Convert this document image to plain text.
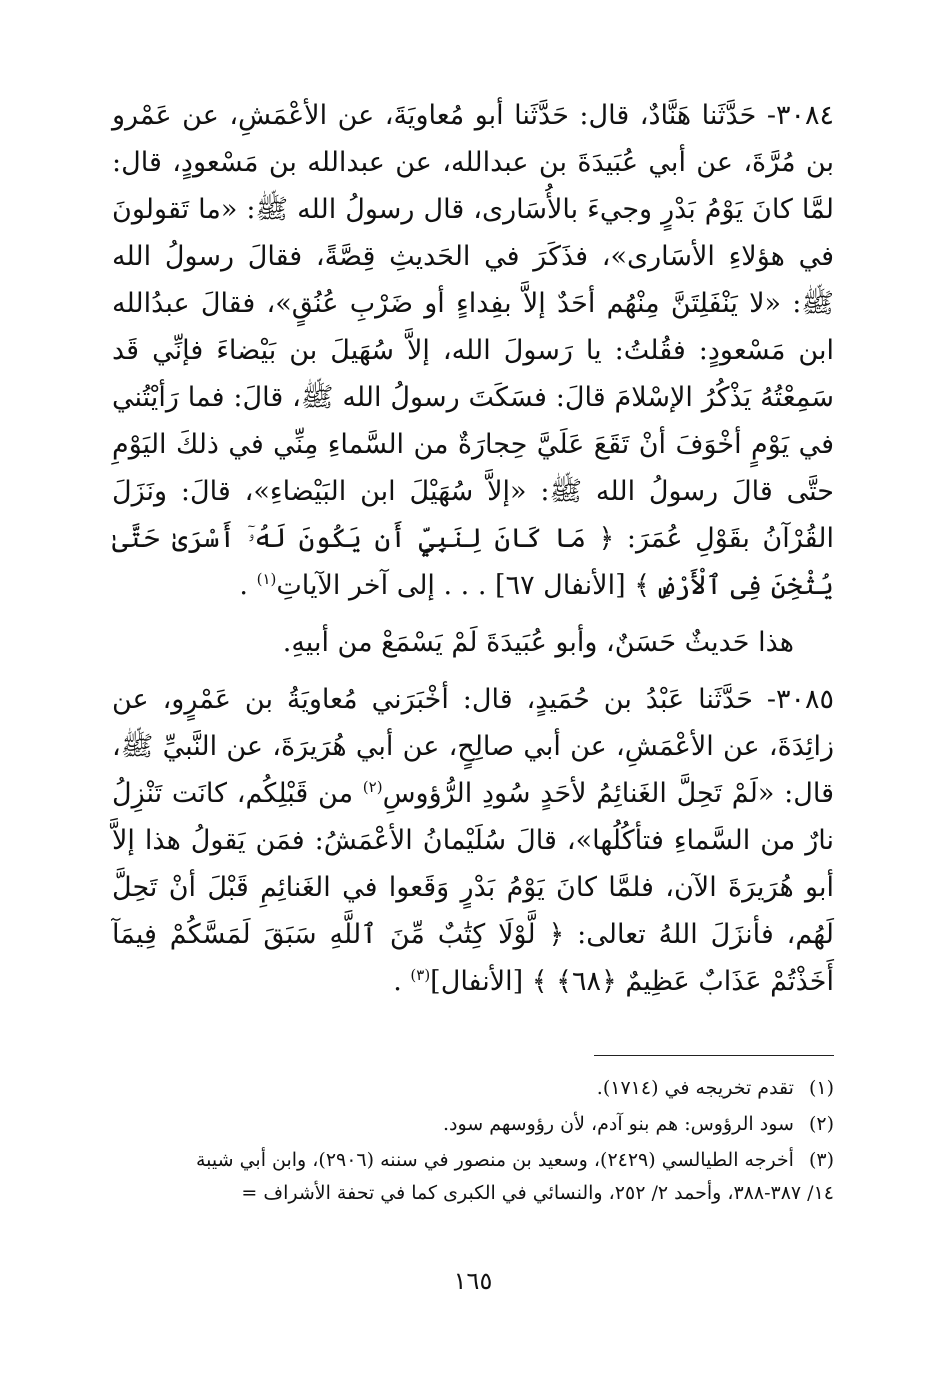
٣٠٨٤- حَدَّثَنا هَنَّادٌ، قال: حَدَّثَنا أبو مُعاويَةَ، عن الأعْمَشِ، عن عَمْرو بن مُرَّةَ، عن أبي عُبَيدَةَ بن عبدالله، عن عبدالله بن مَسْعودٍ، قال: لمَّا كانَ يَوْمُ بَدْرٍ وجيءَ بالأُسَارى، قال رسولُ الله ﷺ: «ما تَقولونَ في هؤلاءِ الأسَارى»، فذَكَرَ في الحَديثِ قِصَّةً، فقالَ رسولُ الله ﷺ: «لا يَنْفَلِتَنَّ مِنْهُم أحَدٌ إلاَّ بفِداءٍ أو ضَرْبِ عُنُقٍ»، فقالَ عبدُالله ابن مَسْعودٍ: فقُلتُ: يا رَسولَ الله، إلاَّ سُهَيلَ بن بَيْضاءَ فإنِّي قَد سَمِعْتُهُ يَذْكُرُ الإسْلامَ قالَ: فسَكَتَ رسولُ الله ﷺ، قالَ: فما رَأيْتُني في يَوْمٍ أخْوَفَ أنْ تَقَعَ عَلَيَّ حِجارَةٌ من السَّماءِ مِنِّي في ذلكَ اليَوْمِ حتَّى قالَ رسولُ الله ﷺ: «إلاَّ سُهَيْلَ ابن البَيْضاءِ»، قالَ: ونَزَلَ القُرْآنُ بقَوْلِ عُمَرَ: ﴿ مَا كَانَ لِنَبِيٍّ أَن يَكُونَ لَهُۥٓ أَسْرَىٰ حَتَّىٰ يُثْخِنَ فِى ٱلْأَرْضِ ﴾ [الأنفال ٦٧] . . . إلى آخر الآياتِ$^{(١)}$ .

هذا حَديثٌ حَسَنٌ، وأبو عُبَيدَةَ لَمْ يَسْمَعْ من أبيهِ.

٣٠٨٥- حَدَّثَنا عَبْدُ بن حُمَيدٍ، قال: أخْبَرَني مُعاويَةُ بن عَمْرٍو، عن زائِدَةَ، عن الأعْمَشِ، عن أبي صالِحٍ، عن أبي هُرَيرَةَ، عن النَّبيِّ ﷺ، قال: «لَمْ تَحِلَّ الغَنائِمُ لأحَدٍ سُودِ الرُّؤوسِ$^{(٢)}$ من قَبْلِكُم، كانَت تَنْزِلُ نارٌ من السَّماءِ فتأكُلُها»، قالَ سُلَيْمانُ الأعْمَشُ: فمَن يَقولُ هذا إلاَّ أبو هُرَيرَةَ الآن، فلمَّا كانَ يَوْمُ بَدْرٍ وَقَعوا في الغَنائِمِ قَبْلَ أنْ تَحِلَّ لَهُم، فأنزَلَ اللهُ تعالى: ﴿ لَّوْلَا كِتَٰبٌ مِّنَ ٱللَّهِ سَبَقَ لَمَسَّكُمْ فِيمَآ أَخَذْتُمْ عَذَابٌ عَظِيمٌ ﴿٦٨﴾ ﴾ [الأنفال]$^{(٣)}$ .

(١) تقدم تخريجه في (١٧١٤).

(٢) سود الرؤوس: هم بنو آدم، لأن رؤوسهم سود.

(٣) أخرجه الطيالسي (٢٤٢٩)، وسعيد بن منصور في سننه (٢٩٠٦)، وابن أبي شيبة
١٤/ ٣٨٧-٣٨٨، وأحمد ٢/ ٢٥٢، والنسائي في الكبرى كما في تحفة الأشراف =

١٦٥
